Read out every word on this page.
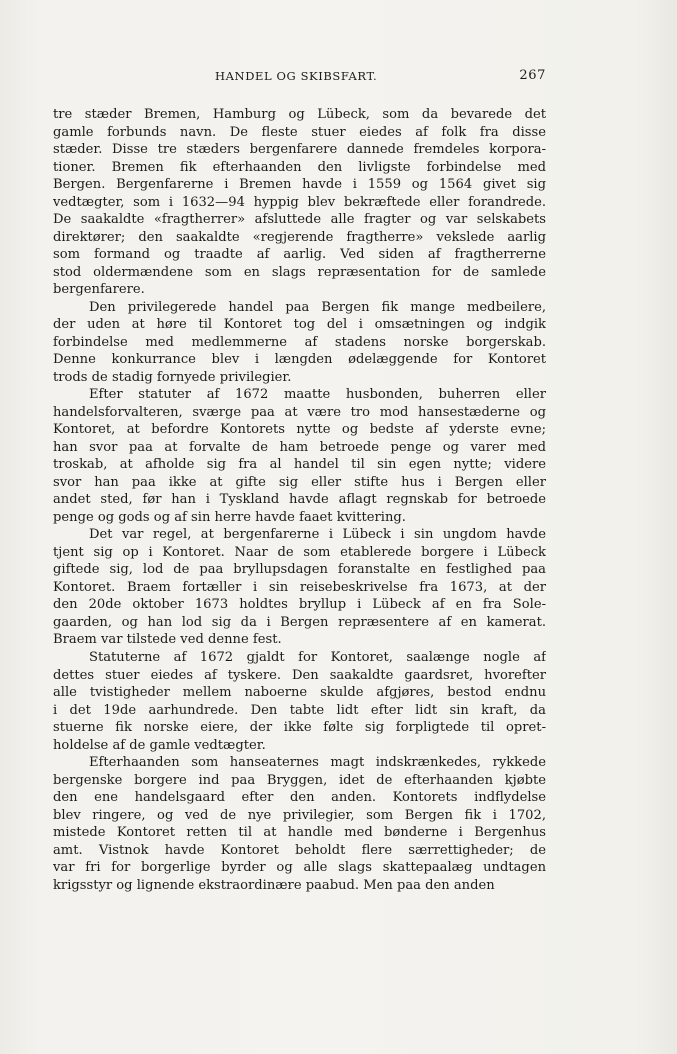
HANDEL OG SKIBSFART.	267
tre stæder Bremen, Hamburg og Lübeck, som da bevarede det
gamle forbunds navn. De fleste stuer eiedes af folk fra disse
stæder. Disse tre stæders bergenfarere dannede fremdeles korpora-
tioner. Bremen fik efterhaanden den livligste forbindelse med
Bergen. Bergenfarerne i Bremen havde i 1559 og 1564 givet sig
vedtægter, som i 1632—94 hyppig blev bekræftede eller forandrede.
De saakaldte «fragtherrer» afsluttede alle fragter og var selskabets
direktører; den saakaldte «regjerende fragtherre» vekslede aarlig
som formand og traadte af aarlig. Ved siden af fragtherrerne
stod oldermændene som en slags repræsentation for de samlede
bergenfarere.
Den privilegerede handel paa Bergen fik mange medbeilere,
der uden at høre til Kontoret tog del i omsætningen og indgik
forbindelse med medlemmerne af stadens norske borgerskab.
Denne konkurrance blev i længden ødelæggende for Kontoret
trods de stadig fornyede privilegier.
Efter statuter af 1672 maatte husbonden, buherren eller
handelsforvalteren, sværge paa at være tro mod hansestæderne og
Kontoret, at befordre Kontorets nytte og bedste af yderste evne;
han svor paa at forvalte de ham betroede penge og varer med
troskab, at afholde sig fra al handel til sin egen nytte; videre
svor han paa ikke at gifte sig eller stifte hus i Bergen eller
andet sted, før han i Tyskland havde aflagt regnskab for betroede
penge og gods og af sin herre havde faaet kvittering.
Det var regel, at bergenfarerne i Lübeck i sin ungdom havde
tjent sig op i Kontoret. Naar de som etablerede borgere i Lübeck
giftede sig, lod de paa bryllupsdagen foranstalte en festlighed paa
Kontoret. Braem fortæller i sin reisebeskrivelse fra 1673, at der
den 20de oktober 1673 holdtes bryllup i Lübeck af en fra Sole-
gaarden, og han lod sig da i Bergen repræsentere af en kamerat.
Braem var tilstede ved denne fest.
Statuterne af 1672 gjaldt for Kontoret, saalænge nogle af
dettes stuer eiedes af tyskere. Den saakaldte gaardsret, hvorefter
alle tvistigheder mellem naboerne skulde afgjøres, bestod endnu
i det 19de aarhundrede. Den tabte lidt efter lidt sin kraft, da
stuerne fik norske eiere, der ikke følte sig forpligtede til opret-
holdelse af de gamle vedtægter.
Efterhaanden som hanseaternes magt indskrænkedes, rykkede
bergenske borgere ind paa Bryggen, idet de efterhaanden kjøbte
den ene handelsgaard efter den anden. Kontorets indflydelse
blev ringere, og ved de nye privilegier, som Bergen fik i 1702,
mistede Kontoret retten til at handle med bønderne i Bergenhus
amt. Vistnok havde Kontoret beholdt flere særrettigheder; de
var fri for borgerlige byrder og alle slags skattepaalæg undtagen
krigsstyr og lignende ekstraordinære paabud. Men paa den anden
